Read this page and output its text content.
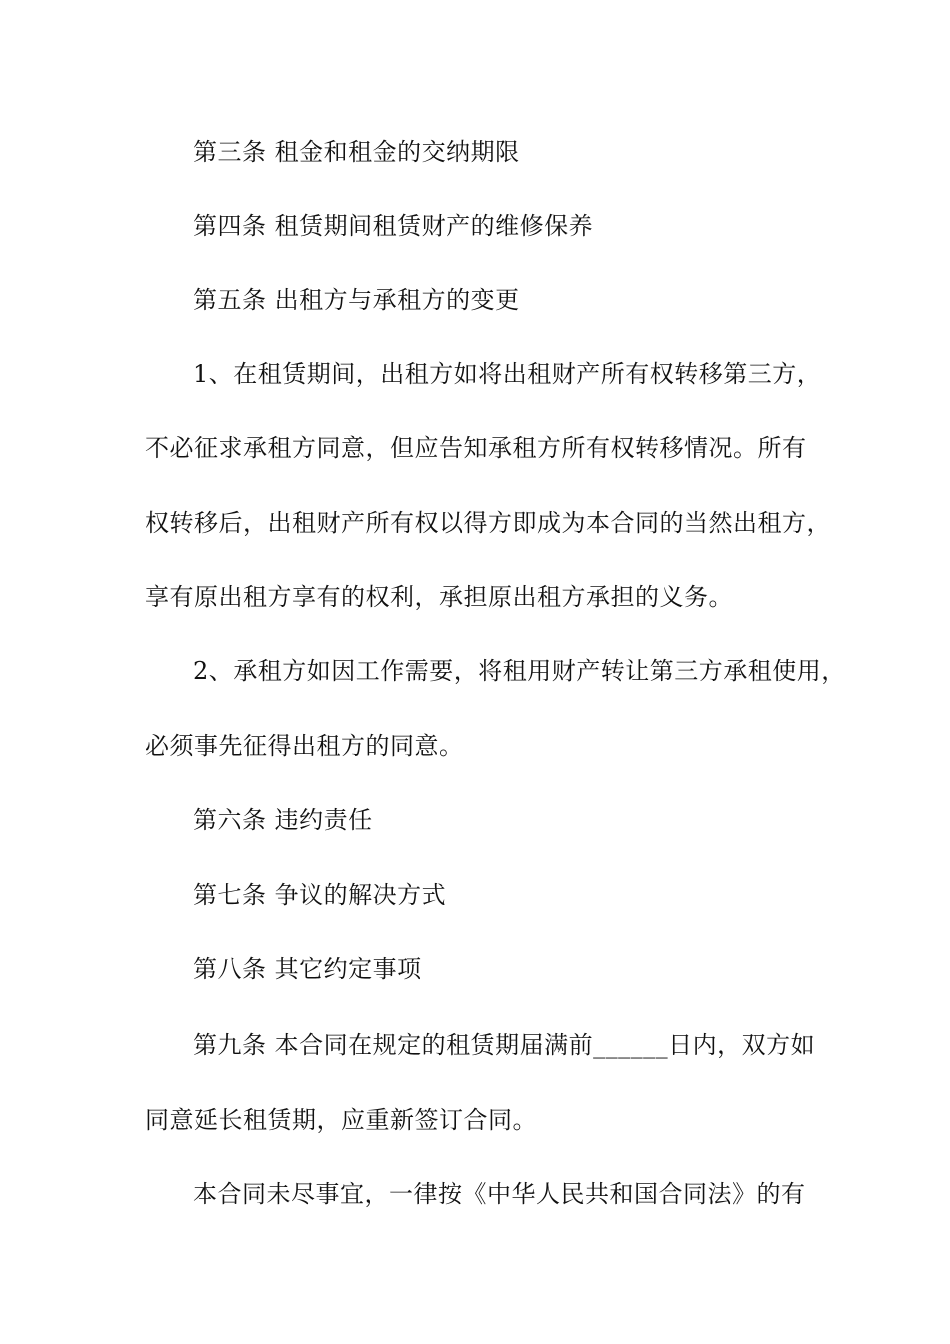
第三条 租金和租金的交纳期限
第四条 租赁期间租赁财产的维修保养
第五条 出租方与承租方的变更
1、在租赁期间，出租方如将出租财产所有权转移第三方，
不必征求承租方同意，但应告知承租方所有权转移情况。所有
权转移后，出租财产所有权以得方即成为本合同的当然出租方，
享有原出租方享有的权利，承担原出租方承担的义务。
2、承租方如因工作需要，将租用财产转让第三方承租使用，
必须事先征得出租方的同意。
第六条 违约责任
第七条 争议的解决方式
第八条 其它约定事项
第九条 本合同在规定的租赁期届满前______日内，双方如
同意延长租赁期，应重新签订合同。
本合同未尽事宜，一律按《中华人民共和国合同法》的有
